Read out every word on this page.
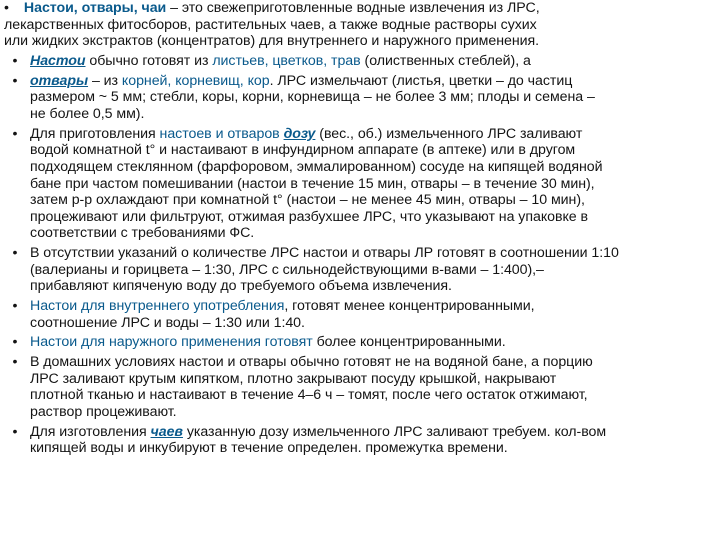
• Настои, отвары, чаи – это свежеприготовленные водные извлечения из ЛРС,
лекарственных фитосборов, растительных чаев, а также водные растворы сухих
или жидких экстрактов (концентратов) для внутреннего и наружного применения.
• Настои обычно готовят из листьев, цветков, трав (олиственных стеблей), а
• отвары – из корней, корневищ, кор. ЛРС измельчают (листья, цветки – до частиц
размером ~ 5 мм; стебли, коры, корни, корневища – не более 3 мм; плоды и семена –
не более 0,5 мм).
• Для приготовления настоев и отваров дозу (вес., об.) измельченного ЛРС заливают
водой комнатной t° и настаивают в инфундирном аппарате (в аптеке) или в другом
подходящем стеклянном (фарфоровом, эммалированном) сосуде на кипящей водяной
бане при частом помешивании (настои в течение 15 мин, отвары – в течение 30 мин),
затем р-р охлаждают при комнатной t° (настои – не менее 45 мин, отвары – 10 мин),
процеживают или фильтруют, отжимая разбухшее ЛРС, что указывают на упаковке в
соответствии с требованиями ФС.
• В отсутствии указаний о количестве ЛРС настои и отвары ЛР готовят в соотношении 1:10
(валерианы и горицвета – 1:30, ЛРС с сильнодействующими в-вами – 1:400),–
прибавляют кипяченую воду до требуемого объема извлечения.
• Настои для внутреннего употребления, готовят менее концентрированными,
соотношение ЛРС и воды – 1:30 или 1:40.
• Настои для наружного применения готовят более концентрированными.
• В домашних условиях настои и отвары обычно готовят не на водяной бане, а порцию
ЛРС заливают крутым кипятком, плотно закрывают посуду крышкой, накрывают
плотной тканью и настаивают в течение 4–6 ч – томят, после чего остаток отжимают,
раствор процеживают.
• Для изготовления чаев указанную дозу измельченного ЛРС заливают требуем. кол-вом
кипящей воды и инкубируют в течение определен. промежутка времени.
